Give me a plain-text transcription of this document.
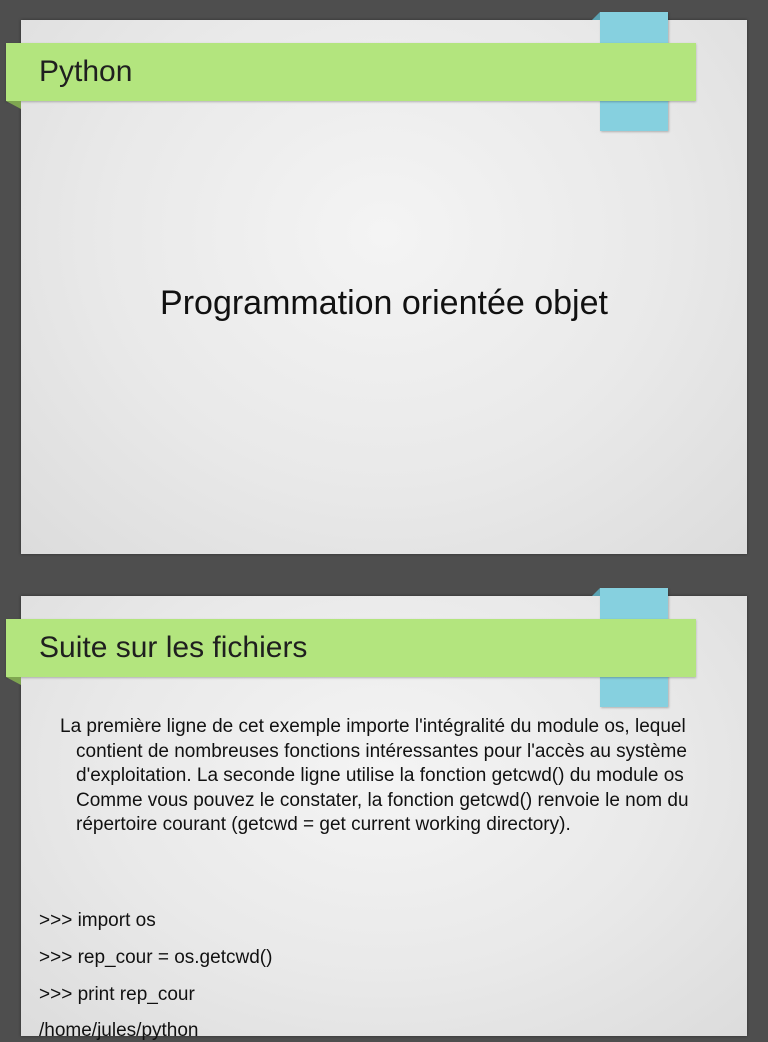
Python
Programmation orientée objet
Suite sur les fichiers

La première ligne de cet exemple importe l'intégralité du module os, lequel contient de nombreuses fonctions intéressantes pour l'accès au système d'exploitation. La seconde ligne utilise la fonction getcwd() du module os Comme vous pouvez le constater, la fonction getcwd() renvoie le nom du répertoire courant (getcwd = get current working directory).

>>> import os
>>> rep_cour = os.getcwd()
>>> print rep_cour
/home/jules/python
